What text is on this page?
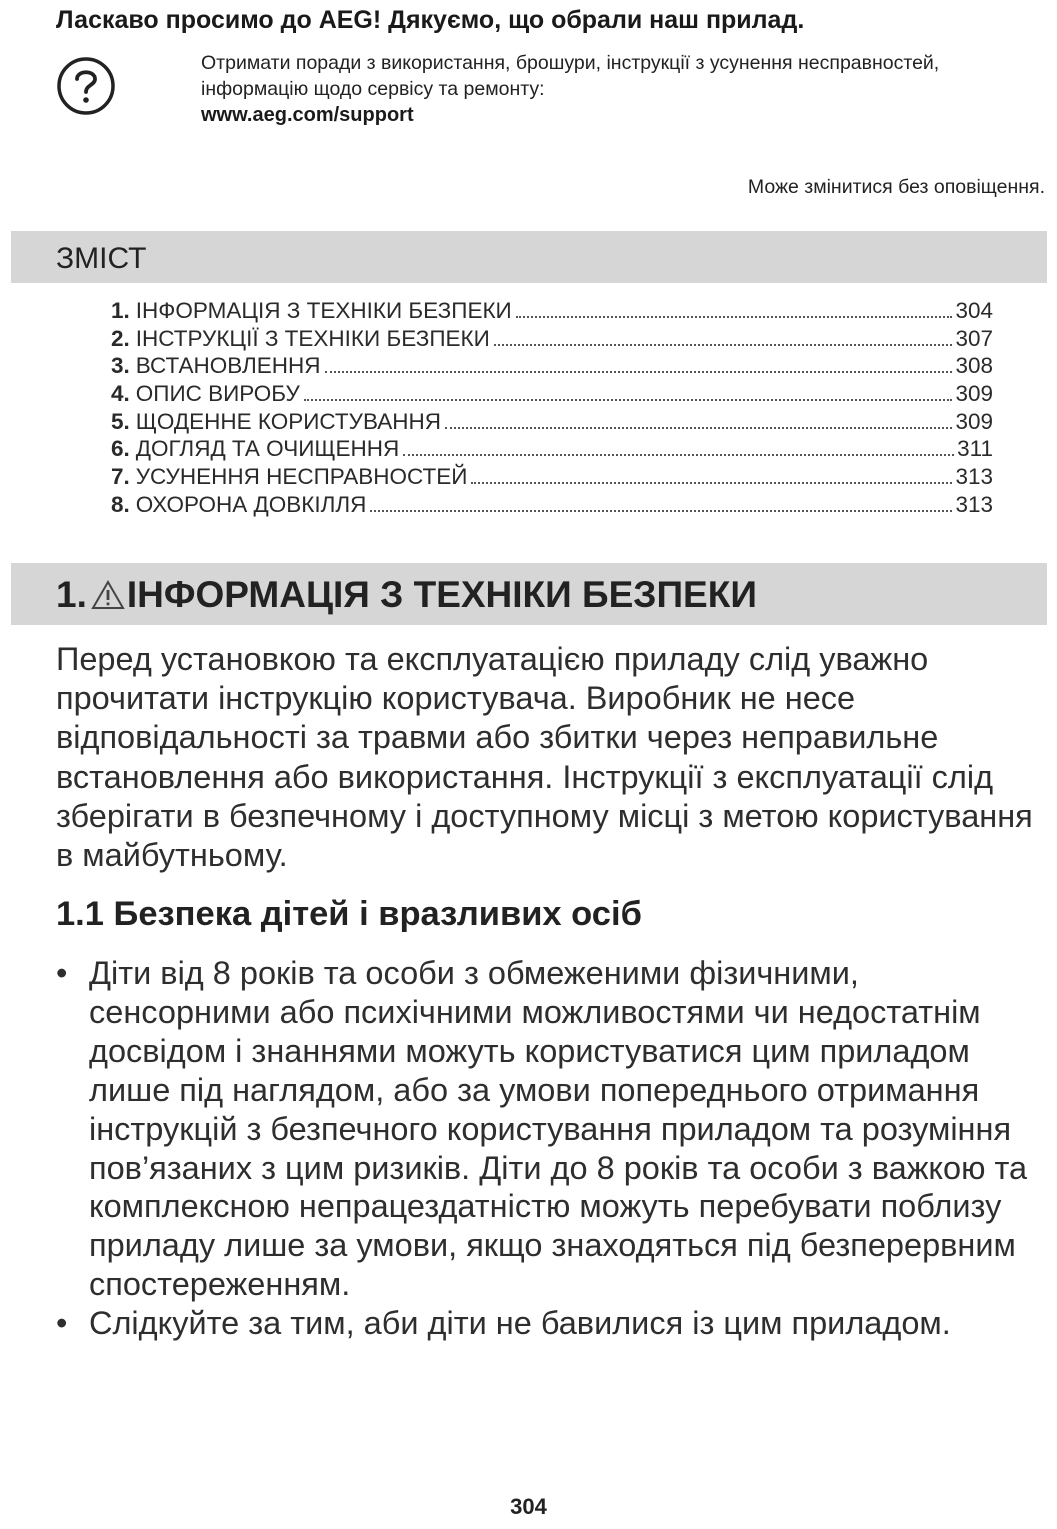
Ласкаво просимо до AEG! Дякуємо, що обрали наш прилад.
Отримати поради з використання, брошури, інструкції з усунення несправностей, інформацію щодо сервісу та ремонту:
www.aeg.com/support
Може змінитися без оповіщення.
ЗМІСТ
1. ІНФОРМАЦІЯ З ТЕХНІКИ БЕЗПЕКИ	304
2. ІНСТРУКЦІЇ З ТЕХНІКИ БЕЗПЕКИ	307
3. ВСТАНОВЛЕННЯ	308
4. ОПИС ВИРОБУ	309
5. ЩОДЕННЕ КОРИСТУВАННЯ	309
6. ДОГЛЯД ТА ОЧИЩЕННЯ	311
7. УСУНЕННЯ НЕСПРАВНОСТЕЙ	313
8. ОХОРОНА ДОВКІЛЛЯ	313
1. ІНФОРМАЦІЯ З ТЕХНІКИ БЕЗПЕКИ

Перед установкою та експлуатацією приладу слід уважно прочитати інструкцію користувача. Виробник не несе відповідальності за травми або збитки через неправильне встановлення або використання. Інструкції з експлуатації слід зберігати в безпечному і доступному місці з метою користування в майбутньому.

1.1 Безпека дітей і вразливих осіб
• Діти від 8 років та особи з обмеженими фізичними, сенсорними або психічними можливостями чи недостатнім досвідом і знаннями можуть користуватися цим приладом лише під наглядом, або за умови попереднього отримання інструкцій з безпечного користування приладом та розуміння пов’язаних з цим ризиків. Діти до 8 років та особи з важкою та комплексною непрацездатністю можуть перебувати поблизу приладу лише за умови, якщо знаходяться під безперервним спостереженням.
• Слідкуйте за тим, аби діти не бавилися із цим приладом.
304
